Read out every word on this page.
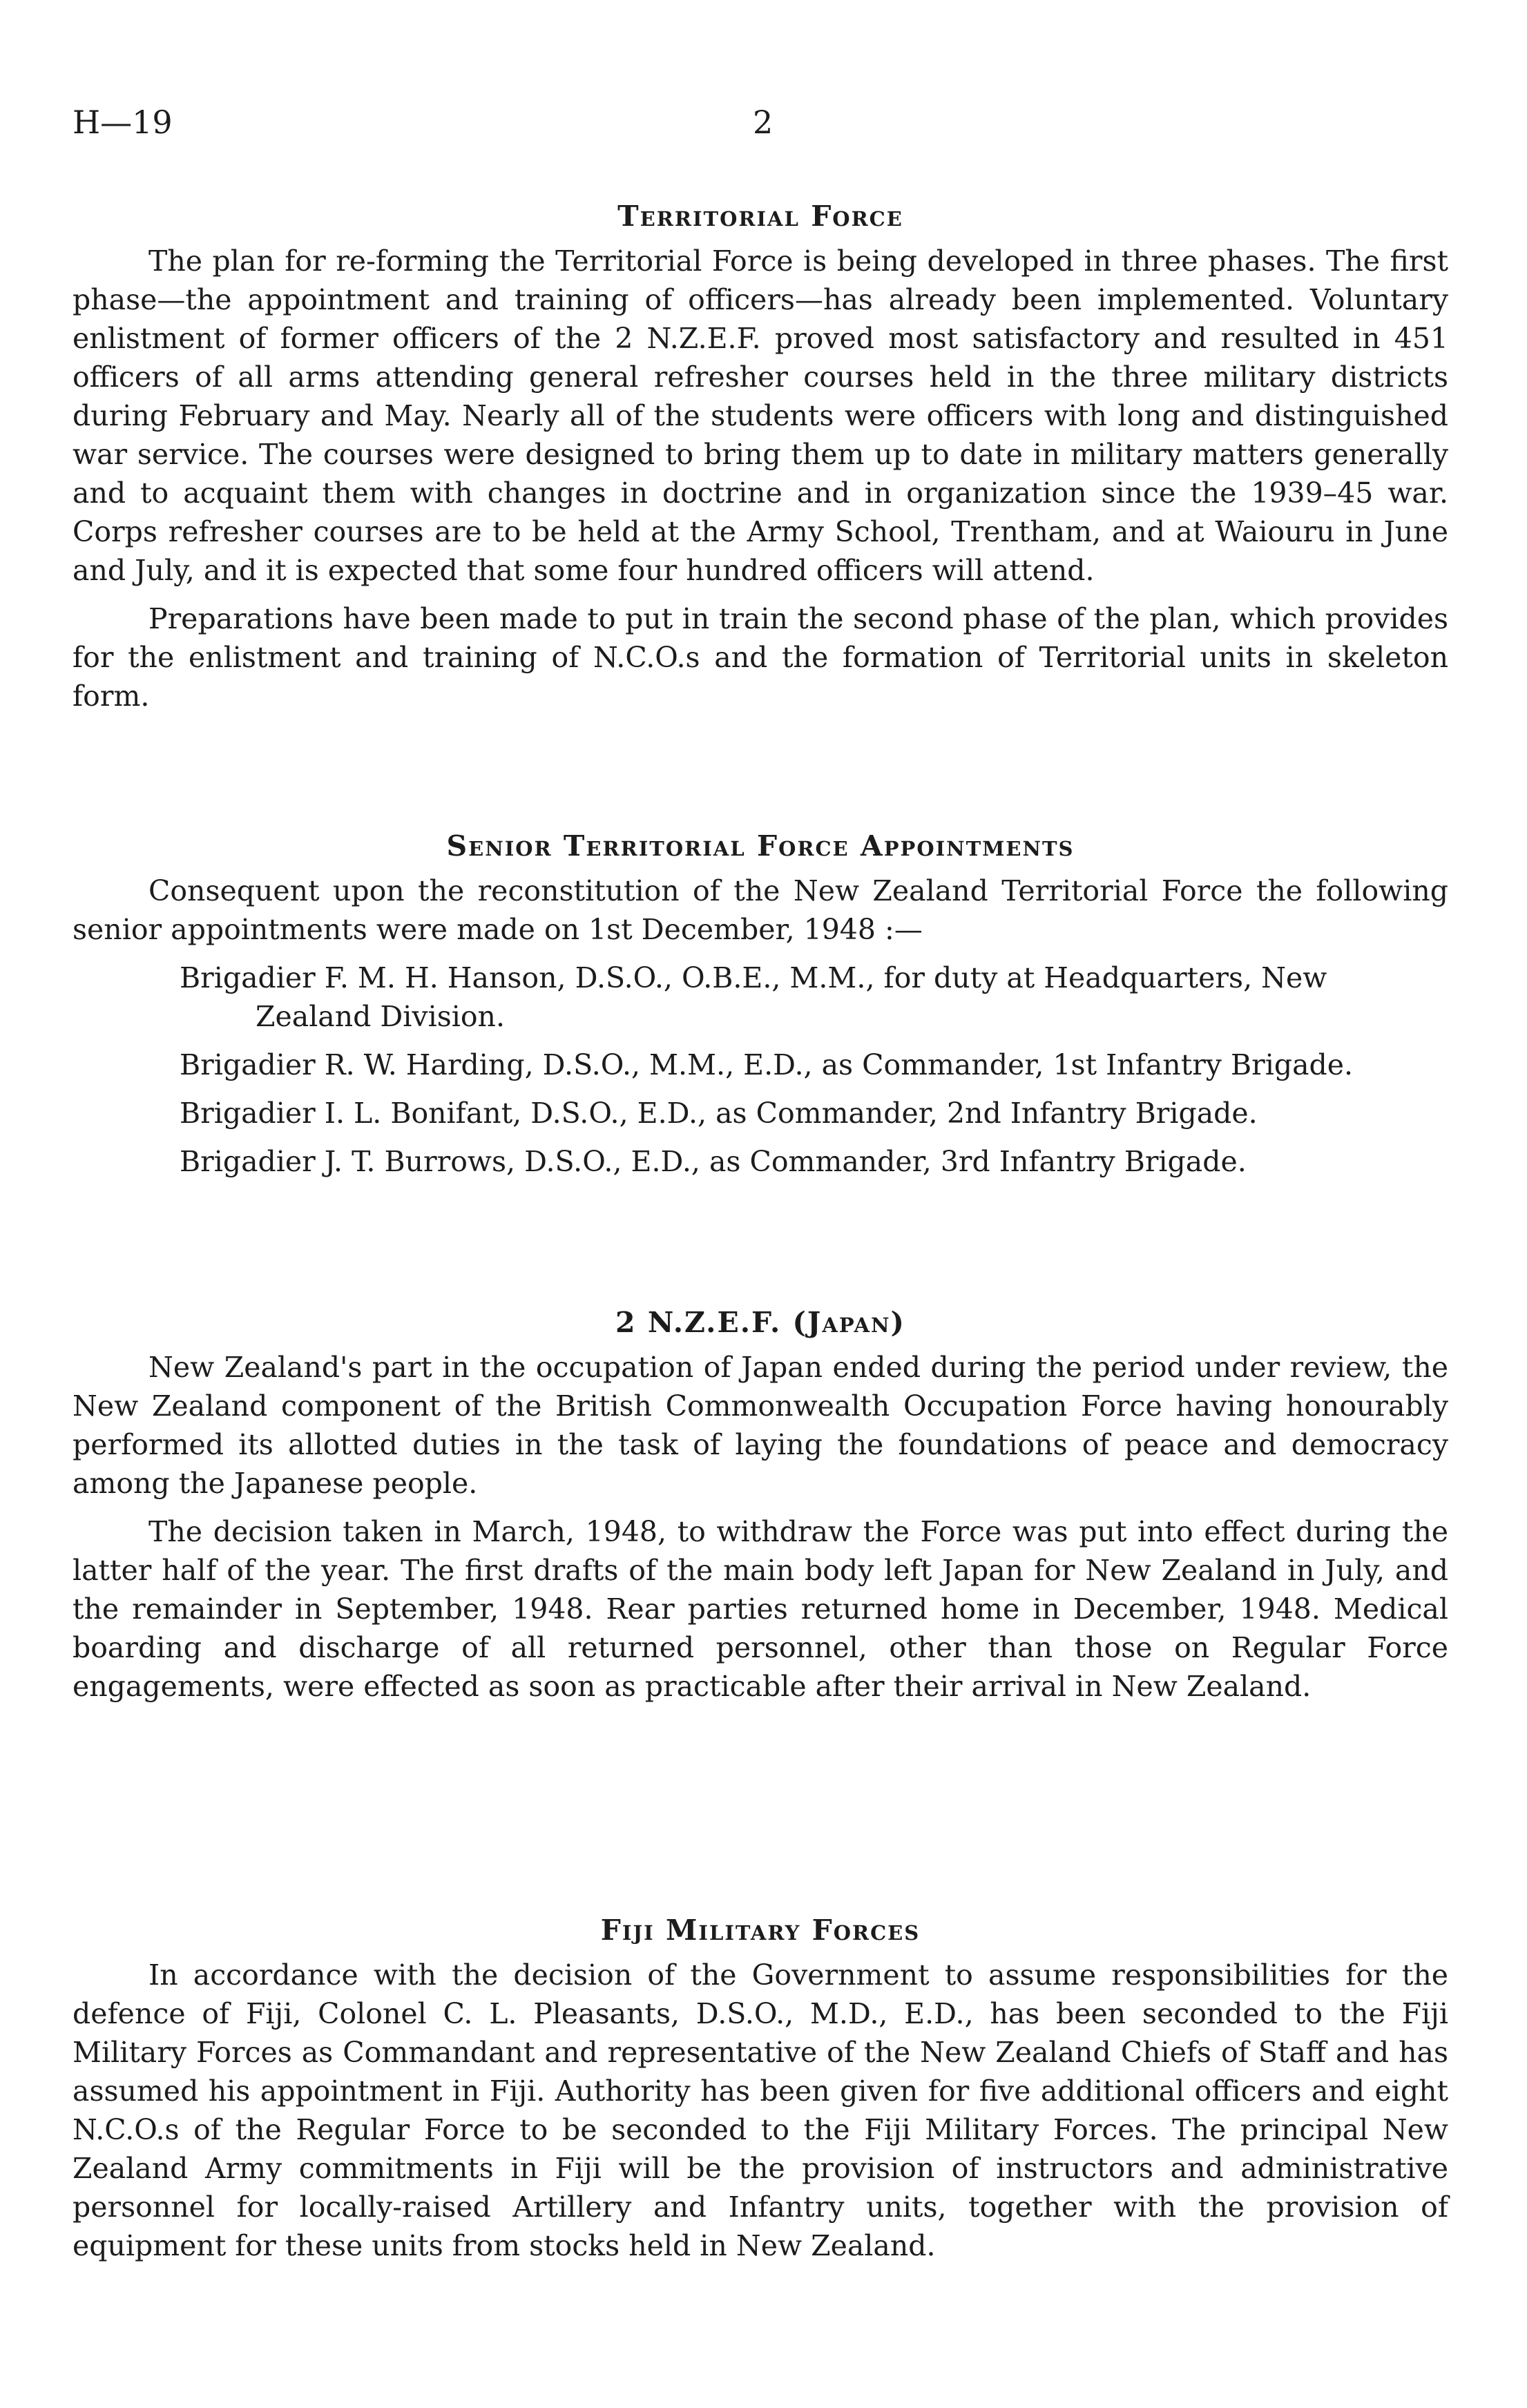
H—19	2
Territorial Force

The plan for re-forming the Territorial Force is being developed in three phases. The first phase—the appointment and training of officers—has already been implemented. Voluntary enlistment of former officers of the 2 N.Z.E.F. proved most satisfactory and resulted in 451 officers of all arms attending general refresher courses held in the three military districts during February and May. Nearly all of the students were officers with long and distinguished war service. The courses were designed to bring them up to date in military matters generally and to acquaint them with changes in doctrine and in organization since the 1939–45 war. Corps refresher courses are to be held at the Army School, Trentham, and at Waiouru in June and July, and it is expected that some four hundred officers will attend.

Preparations have been made to put in train the second phase of the plan, which provides for the enlistment and training of N.C.O.s and the formation of Territorial units in skeleton form.

Senior Territorial Force Appointments

Consequent upon the reconstitution of the New Zealand Territorial Force the following senior appointments were made on 1st December, 1948 :—

Brigadier F. M. H. Hanson, D.S.O., O.B.E., M.M., for duty at Headquarters, New Zealand Division.

Brigadier R. W. Harding, D.S.O., M.M., E.D., as Commander, 1st Infantry Brigade.

Brigadier I. L. Bonifant, D.S.O., E.D., as Commander, 2nd Infantry Brigade.

Brigadier J. T. Burrows, D.S.O., E.D., as Commander, 3rd Infantry Brigade.

2 N.Z.E.F. (Japan)

New Zealand's part in the occupation of Japan ended during the period under review, the New Zealand component of the British Commonwealth Occupation Force having honourably performed its allotted duties in the task of laying the foundations of peace and democracy among the Japanese people.

The decision taken in March, 1948, to withdraw the Force was put into effect during the latter half of the year. The first drafts of the main body left Japan for New Zealand in July, and the remainder in September, 1948. Rear parties returned home in December, 1948. Medical boarding and discharge of all returned personnel, other than those on Regular Force engagements, were effected as soon as practicable after their arrival in New Zealand.

Fiji Military Forces

In accordance with the decision of the Government to assume responsibilities for the defence of Fiji, Colonel C. L. Pleasants, D.S.O., M.D., E.D., has been seconded to the Fiji Military Forces as Commandant and representative of the New Zealand Chiefs of Staff and has assumed his appointment in Fiji. Authority has been given for five additional officers and eight N.C.O.s of the Regular Force to be seconded to the Fiji Military Forces. The principal New Zealand Army commitments in Fiji will be the provision of instructors and administrative personnel for locally-raised Artillery and Infantry units, together with the provision of equipment for these units from stocks held in New Zealand.
